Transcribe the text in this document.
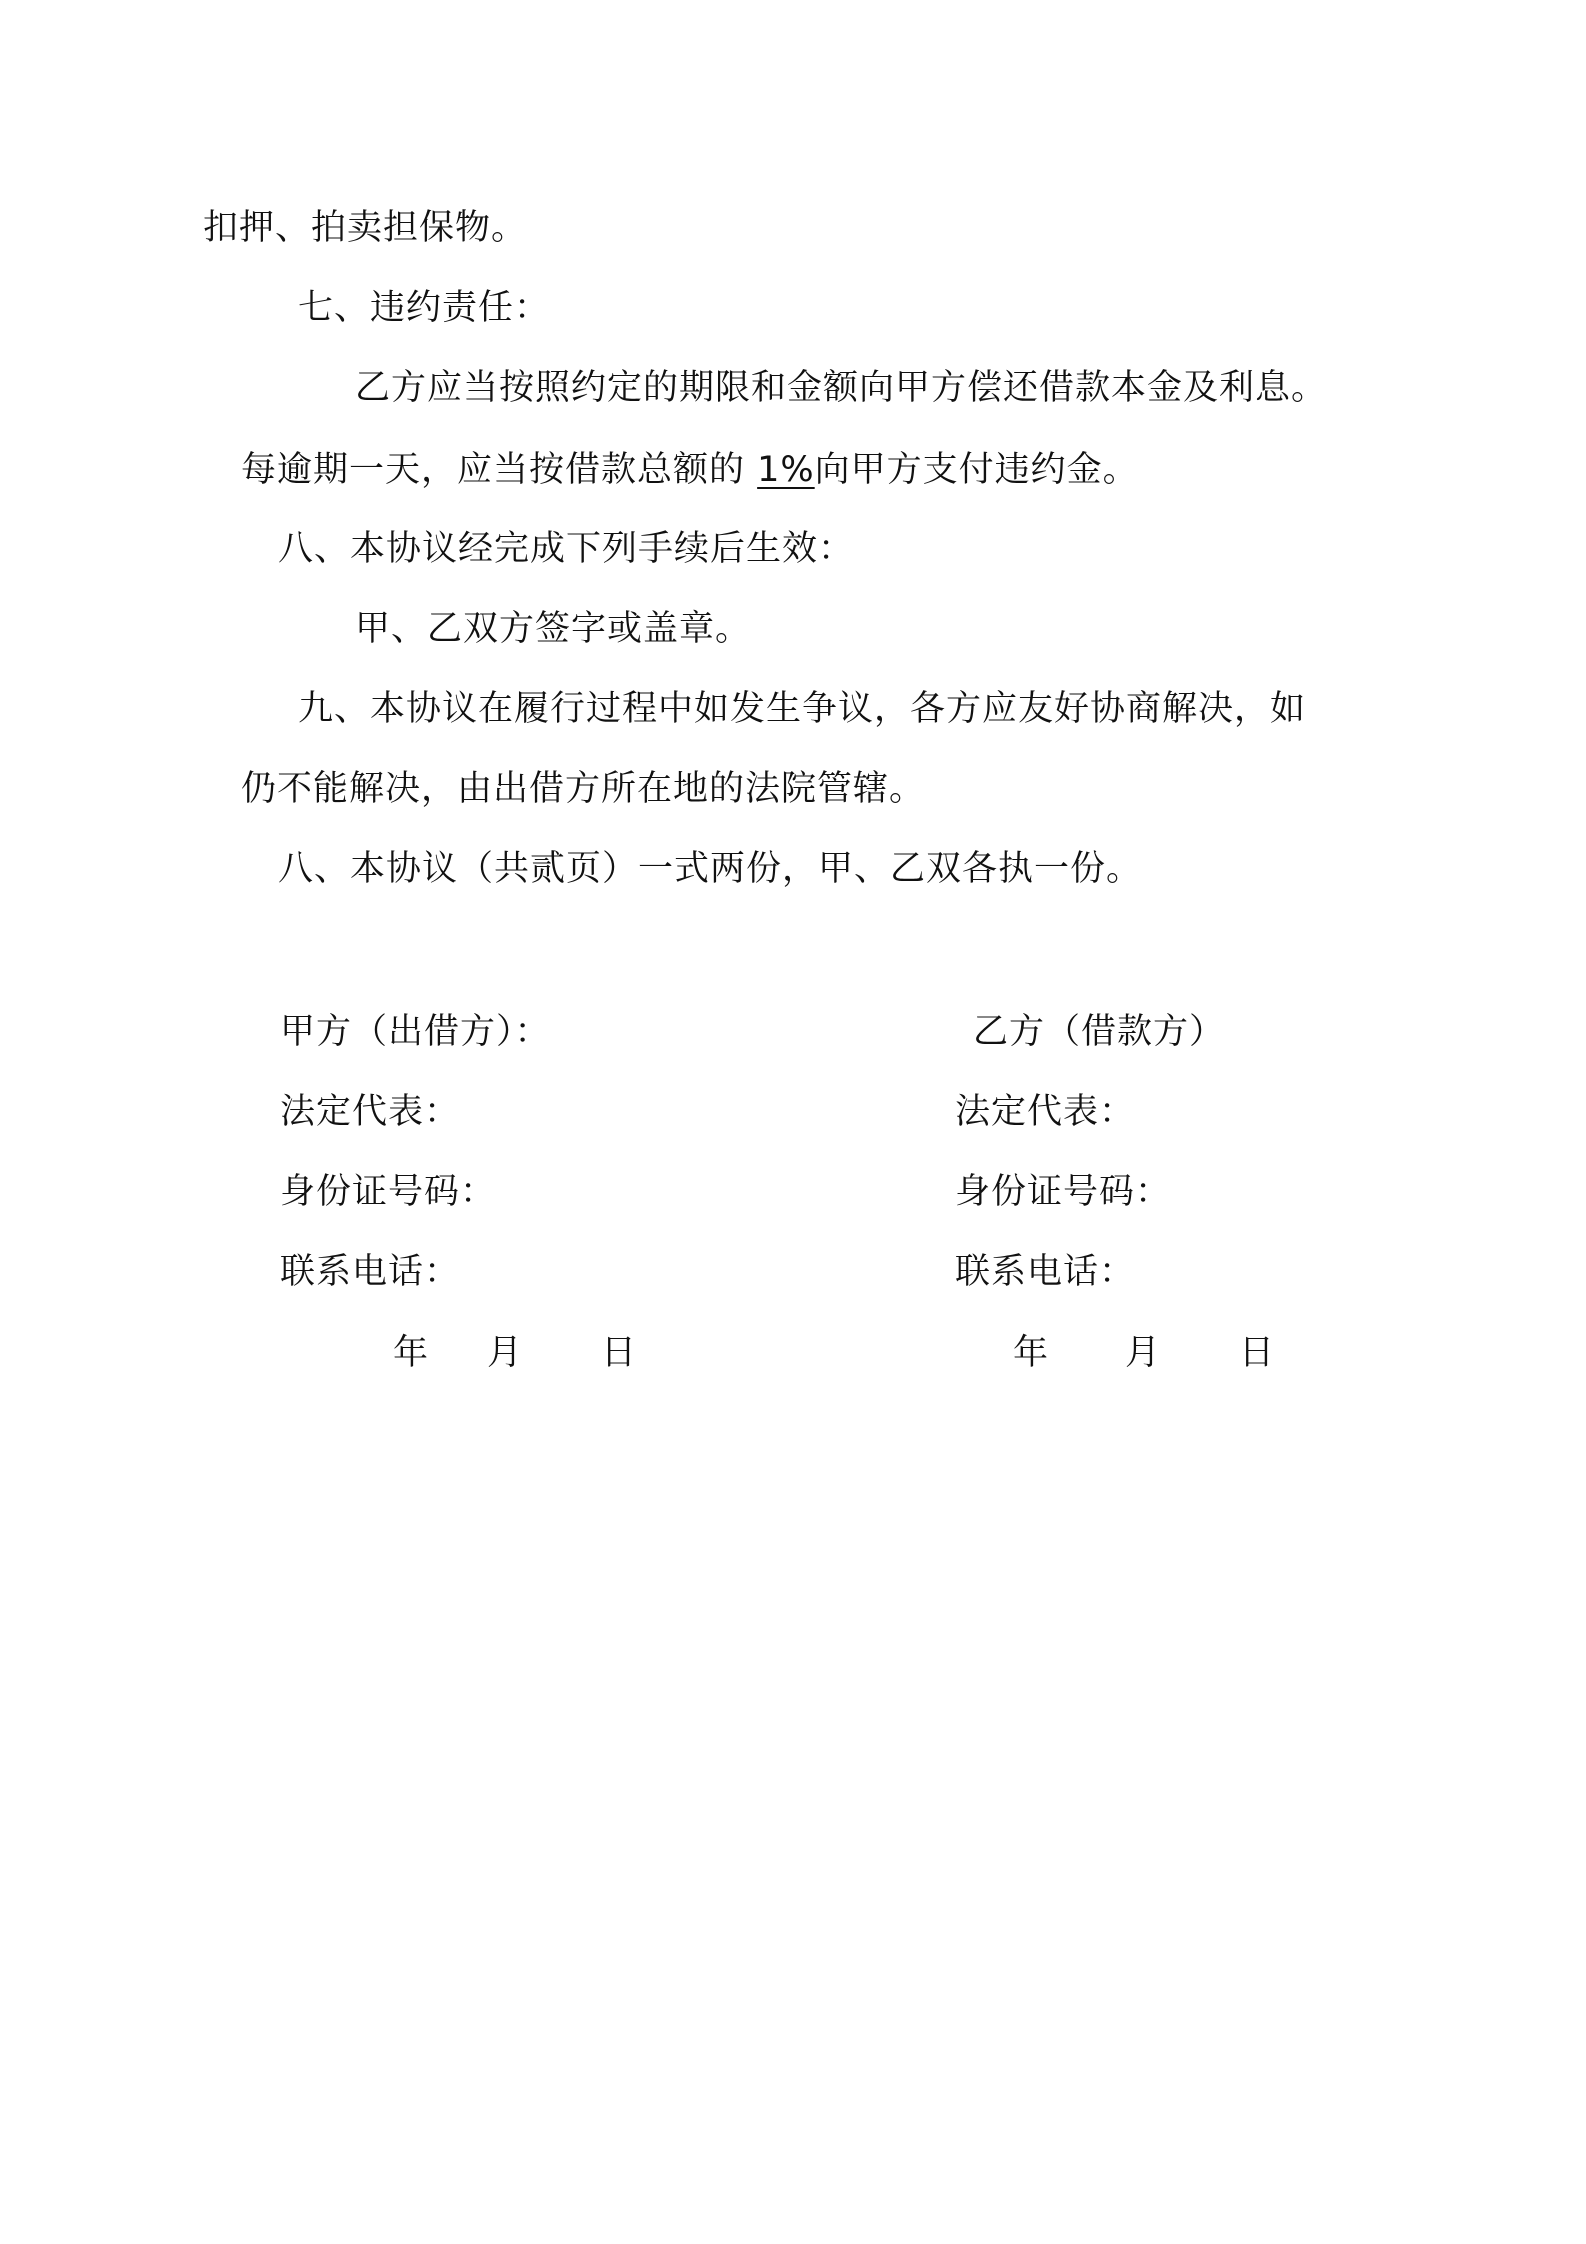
扣押、拍卖担保物。
七、违约责任：
乙方应当按照约定的期限和金额向甲方偿还借款本金及利息。
每逾期一天，应当按借款总额的 1%向甲方支付违约金。
八、本协议经完成下列手续后生效：
甲、乙双方签字或盖章。
九、本协议在履行过程中如发生争议，各方应友好协商解决，如
仍不能解决，由出借方所在地的法院管辖。
八、本协议（共贰页）一式两份，甲、乙双各执一份。
甲方（出借方）：
法定代表：
身份证号码：
联系电话：
年 月 日
乙方（借款方）
法定代表：
身份证号码：
联系电话：
年 月 日
